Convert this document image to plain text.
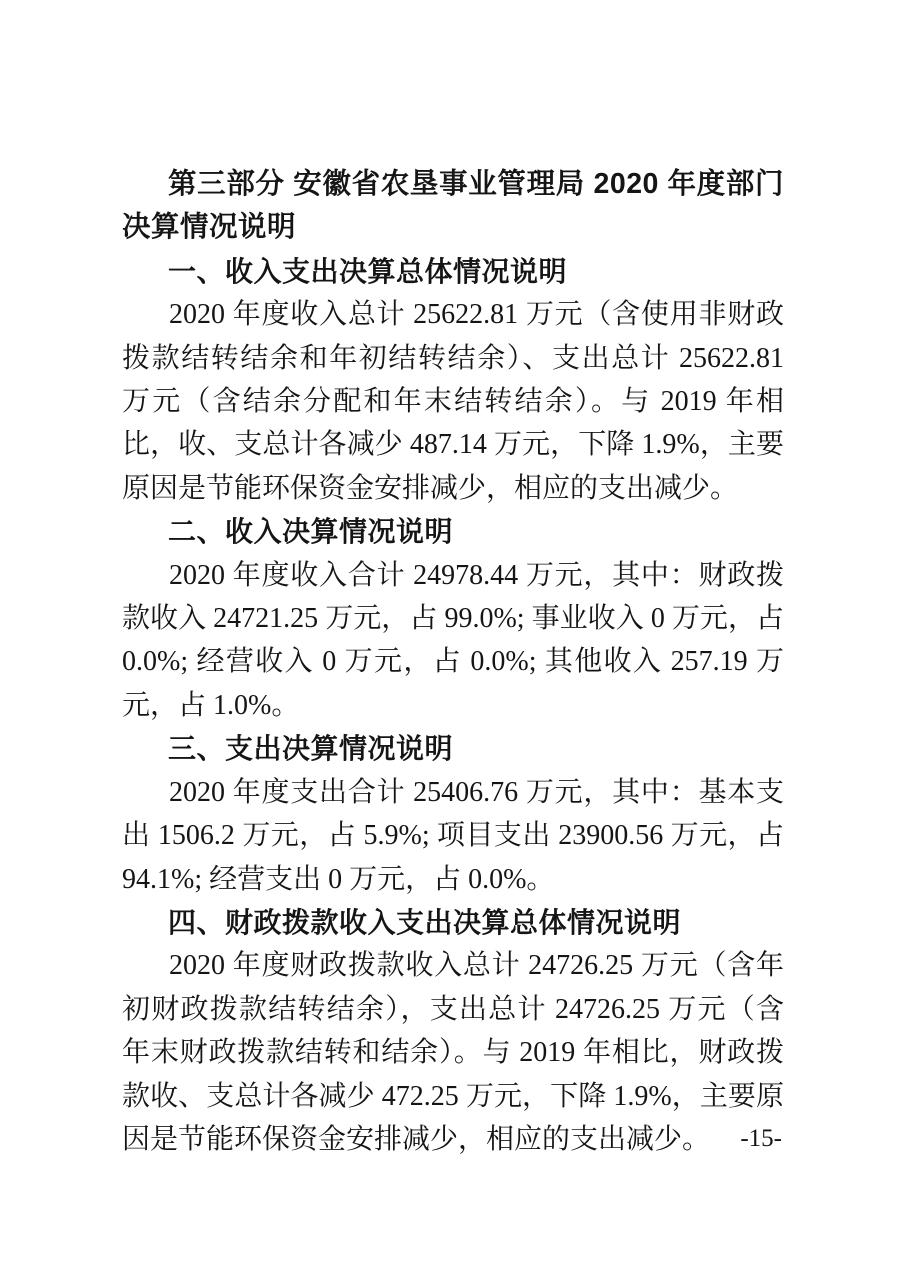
第三部分 安徽省农垦事业管理局 2020 年度部门决算情况说明

一、收入支出决算总体情况说明

2020 年度收入总计 25622.81 万元（含使用非财政拨款结转结余和年初结转结余）、支出总计 25622.81 万元（含结余分配和年末结转结余）。与 2019 年相比，收、支总计各减少 487.14 万元，下降 1.9%，主要原因是节能环保资金安排减少，相应的支出减少。

二、收入决算情况说明

2020 年度收入合计 24978.44 万元，其中：财政拨款收入 24721.25 万元，占 99.0%; 事业收入 0 万元，占 0.0%; 经营收入 0 万元，占 0.0%; 其他收入 257.19 万元，占 1.0%。

三、支出决算情况说明

2020 年度支出合计 25406.76 万元，其中：基本支出 1506.2 万元，占 5.9%; 项目支出 23900.56 万元，占 94.1%; 经营支出 0 万元，占 0.0%。

四、财政拨款收入支出决算总体情况说明

2020 年度财政拨款收入总计 24726.25 万元（含年初财政拨款结转结余），支出总计 24726.25 万元（含年末财政拨款结转和结余）。与 2019 年相比，财政拨款收、支总计各减少 472.25 万元，下降 1.9%，主要原因是节能环保资金安排减少，相应的支出减少。	-15-
